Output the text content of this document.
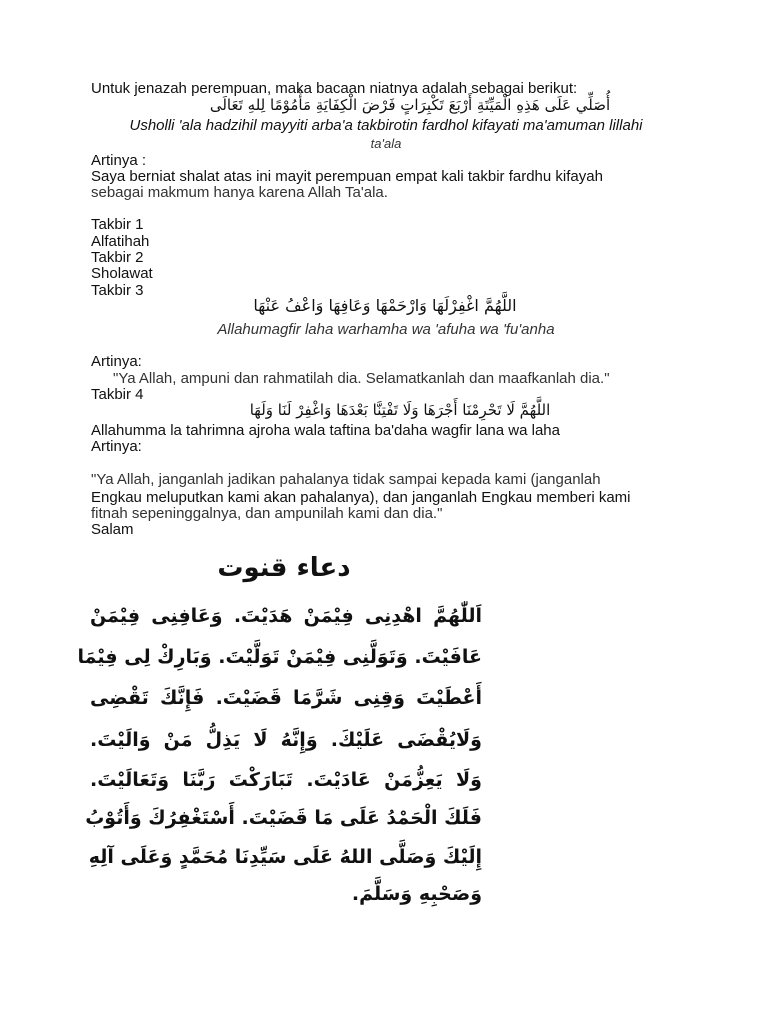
Untuk jenazah perempuan, maka bacaan niatnya adalah sebagai berikut:
أُصَلِّي عَلَى هَذِهِ الْمَيِّتَةِ أَرْبَعَ تَكْبِرَاتٍ فَرْضَ الْكِفَايَةِ مَأْمُوْمًا لِلهِ تَعَالَى
Usholli 'ala hadzihil mayyiti arba'a takbirotin fardhol kifayati ma'amuman lillahi
ta'ala
Artinya :
Saya berniat shalat atas ini mayit perempuan empat kali takbir fardhu kifayah
sebagai makmum hanya karena Allah Ta'ala.
Takbir 1
Alfatihah
Takbir 2
Sholawat
Takbir 3
اللَّهُمَّ اغْفِرْلَهَا وَارْحَمْهَا وَعَافِهَا وَاعْفُ عَنْهَا
Allahumagfir laha warhamha wa 'afuha wa 'fu'anha
Artinya:
"Ya Allah, ampuni dan rahmatilah dia. Selamatkanlah dan maafkanlah dia."
Takbir 4
اللَّهُمَّ لَا تَحْرِمْنَا أَجْرَهَا وَلَا تَفْتِنَّا بَعْدَهَا وَاغْفِرْ لَنَا وَلَهَا
Allahumma la tahrimna ajroha wala taftina ba'daha wagfir lana wa laha
Artinya:
"Ya Allah, janganlah jadikan pahalanya tidak sampai kepada kami (janganlah
Engkau meluputkan kami akan pahalanya), dan janganlah Engkau memberi kami
fitnah sepeninggalnya, dan ampunilah kami dan dia."
Salam
دعاء قنوت
اَللّٰهُمَّ اهْدِنِى فِيْمَنْ هَدَيْتَ. وَعَافِنِى فِيْمَنْ
عَافَيْتَ. وَتَوَلَّنِى فِيْمَنْ تَوَلَّيْتَ. وَبَارِكْ لِى فِيْمَا
أَعْطَيْتَ وَقِنِى شَرَّمَا قَضَيْتَ. فَإِنَّكَ تَقْضِى
وَلَايُقْضَى عَلَيْكَ. وَإِنَّهُ لَا يَذِلُّ مَنْ وَالَيْتَ.
وَلَا يَعِزُّمَنْ عَادَيْتَ. تَبَارَكْتَ رَبَّنَا وَتَعَالَيْتَ.
فَلَكَ الْحَمْدُ عَلَى مَا قَضَيْتَ. أَسْتَغْفِرُكَ وَأَتُوْبُ
إِلَيْكَ وَصَلَّى اللهُ عَلَى سَيِّدِنَا مُحَمَّدٍ وَعَلَى آلِهِ
وَصَحْبِهِ وَسَلَّمَ.
